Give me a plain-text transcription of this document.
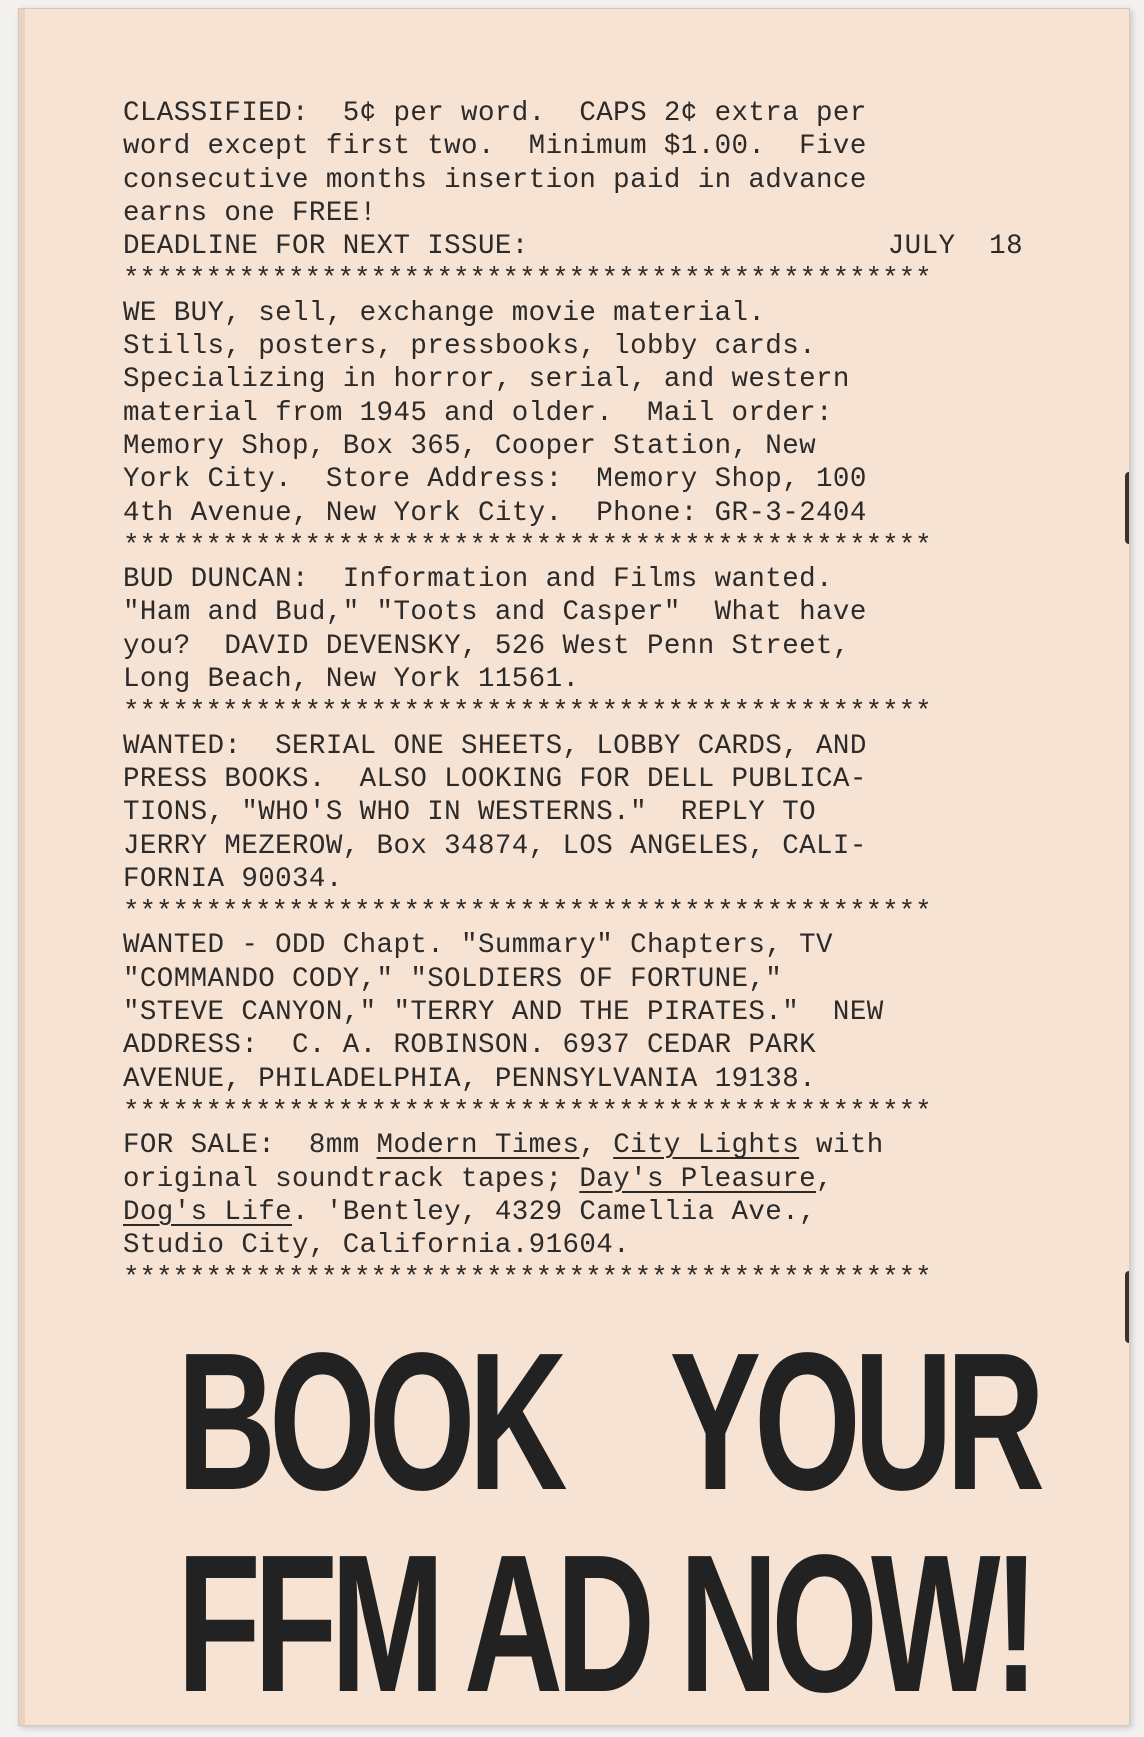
CLASSIFIED:  5¢ per word.  CAPS 2¢ extra per
word except first two.  Minimum $1.00.  Five
consecutive months insertion paid in advance
earns one FREE!
DEADLINE FOR NEXT ISSUE:	JULY  18
*************************************************
WE BUY, sell, exchange movie material.
Stills, posters, pressbooks, lobby cards.
Specializing in horror, serial, and western
material from 1945 and older.  Mail order:
Memory Shop, Box 365, Cooper Station, New
York City.  Store Address:  Memory Shop, 100
4th Avenue, New York City.  Phone: GR-3-2404
*************************************************
BUD DUNCAN:  Information and Films wanted.
"Ham and Bud," "Toots and Casper"  What have
you?  DAVID DEVENSKY, 526 West Penn Street,
Long Beach, New York 11561.
*************************************************
WANTED:  SERIAL ONE SHEETS, LOBBY CARDS, AND
PRESS BOOKS.  ALSO LOOKING FOR DELL PUBLICA-
TIONS, "WHO'S WHO IN WESTERNS."  REPLY TO
JERRY MEZEROW, Box 34874, LOS ANGELES, CALI-
FORNIA 90034.
*************************************************
WANTED - ODD Chapt. "Summary" Chapters, TV
"COMMANDO CODY," "SOLDIERS OF FORTUNE,"
"STEVE CANYON," "TERRY AND THE PIRATES."  NEW
ADDRESS:  C. A. ROBINSON. 6937 CEDAR PARK
AVENUE, PHILADELPHIA, PENNSYLVANIA 19138.
*************************************************
FOR SALE:  8mm Modern Times, City Lights with
original soundtrack tapes; Day's Pleasure,
Dog's Life. 'Bentley, 4329 Camellia Ave.,
Studio City, California.91604.
*************************************************
BOOK YOUR
FFM AD NOW!
